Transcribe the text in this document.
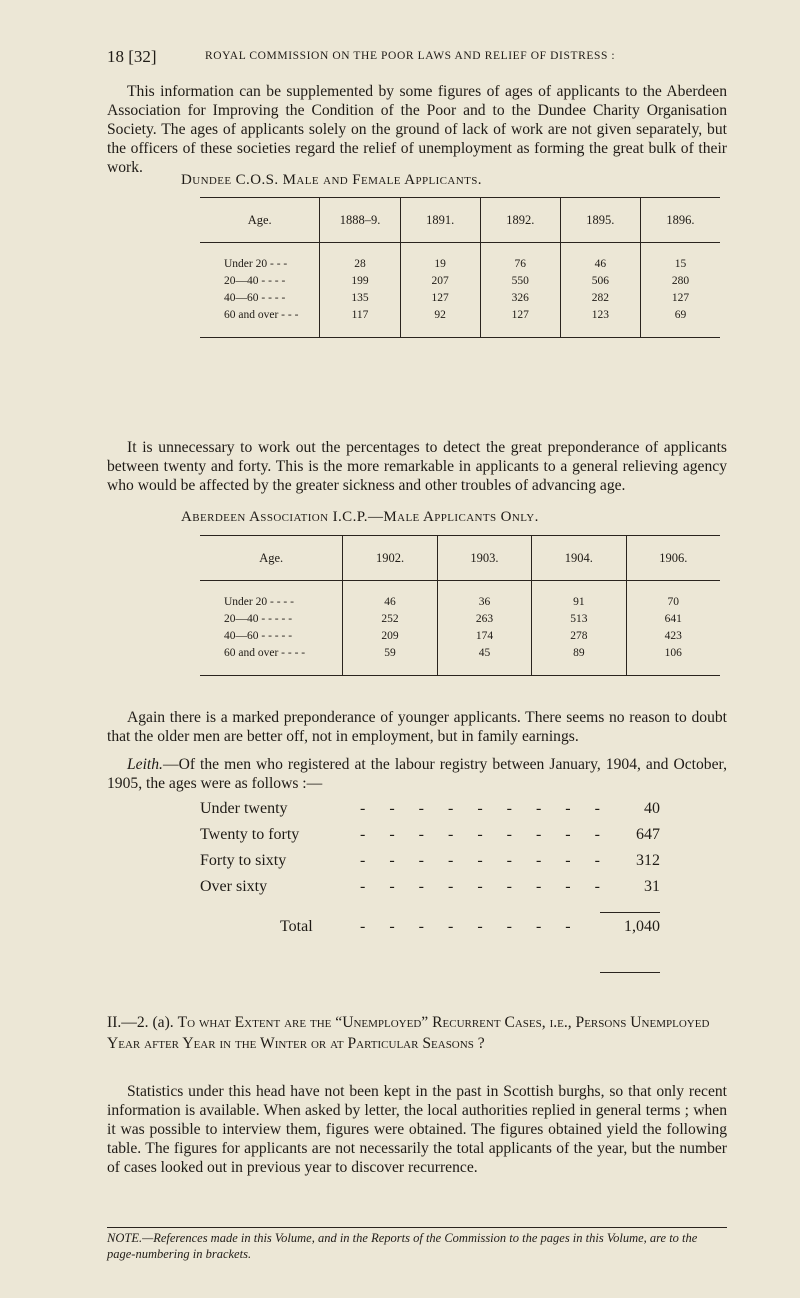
18 [32]	ROYAL COMMISSION ON THE POOR LAWS AND RELIEF OF DISTRESS :

This information can be supplemented by some figures of ages of applicants to the Aberdeen Association for Improving the Condition of the Poor and to the Dundee Charity Organisation Society. The ages of applicants solely on the ground of lack of work are not given separately, but the officers of these societies regard the relief of unemployment as forming the great bulk of their work.

Dundee C.O.S. Male and Female Applicants.
Age.	1888–9.	1891.	1892.	1895.	1896.
Under 20 - - -	28	19	76	46	15
20—40 - - - -	199	207	550	506	280
40—60 - - - -	135	127	326	282	127
60 and over - - -	117	92	127	123	69

It is unnecessary to work out the percentages to detect the great preponderance of applicants between twenty and forty. This is the more remarkable in applicants to a general relieving agency who would be affected by the greater sickness and other troubles of advancing age.

Aberdeen Association I.C.P.—Male Applicants Only.
Age.	1902.	1903.	1904.	1906.
Under 20 - - - -	46	36	91	70
20—40 - - - - -	252	263	513	641
40—60 - - - - -	209	174	278	423
60 and over - - - -	59	45	89	106

Again there is a marked preponderance of younger applicants. There seems no reason to doubt that the older men are better off, not in employment, but in family earnings.

Leith.—Of the men who registered at the labour registry between January, 1904, and October, 1905, the ages were as follows :—

Under twenty	- - - - - - - - - 40
Twenty to forty	- - - - - - - - - 647
Forty to sixty	- - - - - - - - - 312
Over sixty	- - - - - - - - - 31
Total	- - - - - - - -	1,040
II.—2. (a). To what Extent are the “Unemployed” Recurrent Cases, i.e., Persons Unemployed Year after Year in the Winter or at Particular Seasons ?

Statistics under this head have not been kept in the past in Scottish burghs, so that only recent information is available. When asked by letter, the local authorities replied in general terms ; when it was possible to interview them, figures were obtained. The figures obtained yield the following table. The figures for applicants are not necessarily the total applicants of the year, but the number of cases looked out in previous year to discover recurrence.

NOTE.—References made in this Volume, and in the Reports of the Commission to the pages in this Volume, are to the page-numbering in brackets.
